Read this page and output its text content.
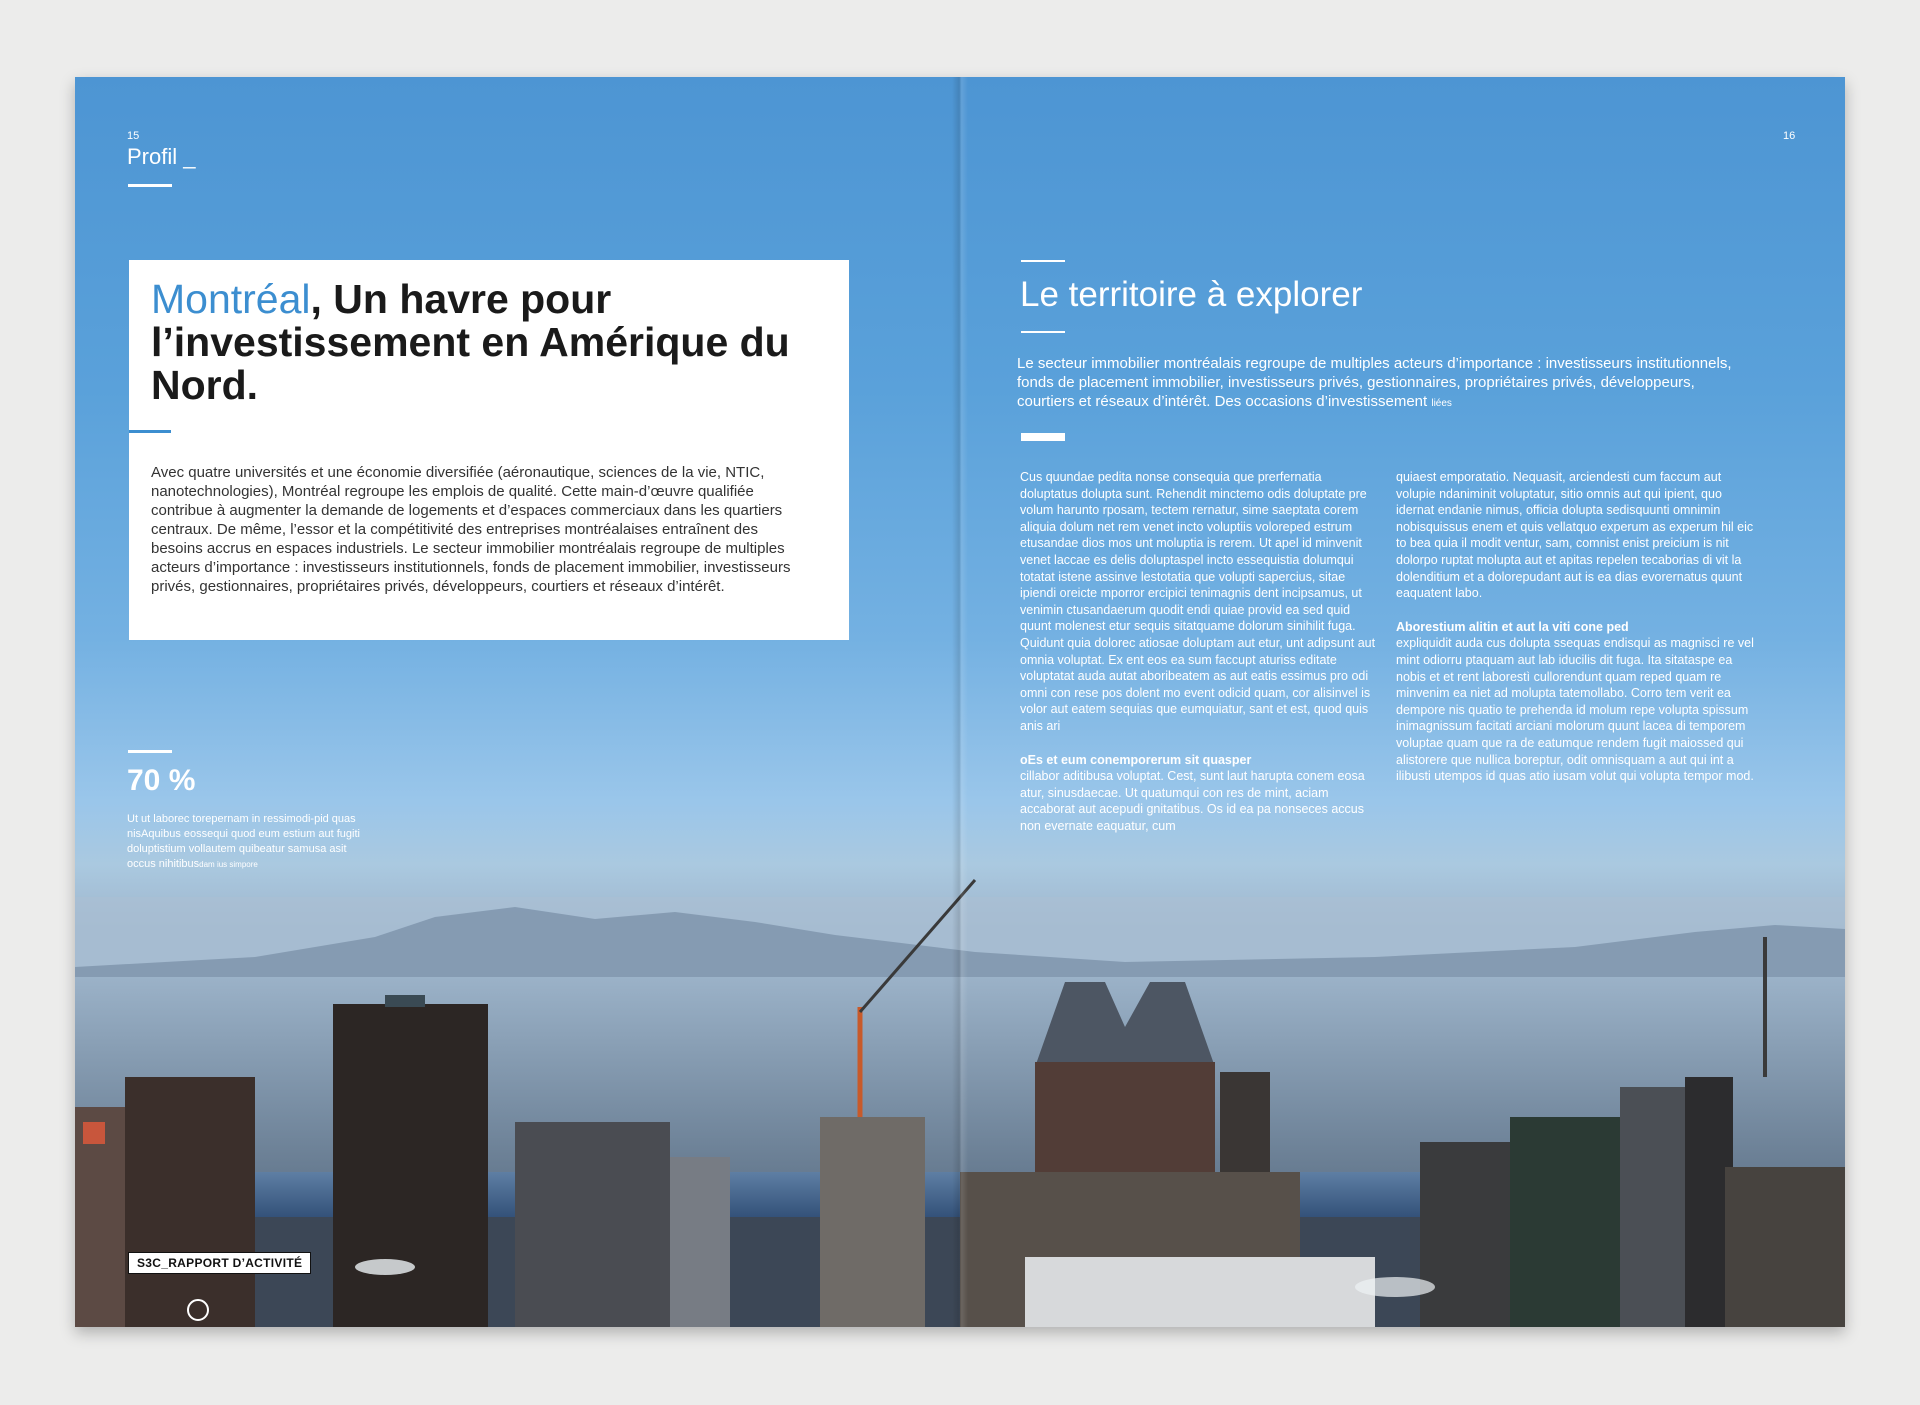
15
Profil _
Montréal, Un havre pour l’investissement en Amérique du Nord.
Avec quatre universités et une économie diversifiée (aéronautique, sciences de la vie, NTIC, nanotechnologies), Montréal regroupe les emplois de qualité. Cette main-d’œuvre qualifiée contribue à augmenter la demande de logements et d’espaces commerciaux dans les quartiers centraux. De même, l’essor et la compétitivité des entreprises montréalaises entraînent des besoins accrus en espaces industriels. Le secteur immobilier montréalais regroupe de multiples acteurs d’importance : investisseurs institutionnels, fonds de placement immobilier, investisseurs privés, gestionnaires, propriétaires privés, développeurs, courtiers et réseaux d’intérêt.
70 %
Ut ut laborec torepernam in ressimodi-pid quas nisAquibus eossequi quod eum estium aut fugiti doluptistium vollautem quibeatur samusa asit occus nihitibusdam ius simpore
S3C_RAPPORT D’ACTIVITÉ
16
Le territoire à explorer
Le secteur immobilier montréalais regroupe de multiples acteurs d’importance : investisseurs institutionnels, fonds de placement immobilier, investisseurs privés, gestionnaires, propriétaires privés, développeurs, courtiers et réseaux d’intérêt. Des occasions d’investissement liées

Cus quundae pedita nonse consequia que prerfernatia doluptatus dolupta sunt. Rehendit minctemo odis doluptate pre volum harunto rposam, tectem rernatur, sime saeptata corem aliquia dolum net rem venet incto voluptiis voloreped estrum etusandae dios mos unt moluptia is rerem. Ut apel id minvenit venet laccae es delis doluptaspel incto essequistia dolumqui totatat istene assinve lestotatia que volupti sapercius, sitae ipiendi oreicte mporror ercipici tenimagnis dent incipsamus, ut venimin ctusandaerum quodit endi quiae provid ea sed quid quunt molenest etur sequis sitatquame dolorum sinihilit fuga. Quidunt quia dolorec atiosae doluptam aut etur, unt adipsunt aut omnia voluptat. Ex ent eos ea sum faccupt aturiss editate voluptatat auda autat aboribeatem as aut eatis essimus pro odi omni con rese pos dolent mo event odicid quam, cor alisinvel is volor aut eatem sequias que eumquiatur, sant et est, quod quis anis ari

oEs et eum conemporerum sit quasper

cillabor aditibusa voluptat. Cest, sunt laut harupta conem eosa atur, sinusdaecae. Ut quatumqui con res de mint, aciam accaborat aut acepudi gnitatibus. Os id ea pa nonseces accus non evernate eaquatur, cum

quiaest emporatatio. Nequasit, arciendesti cum faccum aut volupie ndaniminit voluptatur, sitio omnis aut qui ipient, quo idernat endanie nimus, officia dolupta sedisquunti omnimin nobisquissus enem et quis vellatquo experum as experum hil eic to bea quia il modit ventur, sam, comnist enist preicium is nit dolorpo ruptat molupta aut et apitas repelen tecaborias di vit la dolenditium et a dolorepudant aut is ea dias evorernatus quunt eaquatent labo.

Aborestium alitin et aut la viti cone ped

expliquidit auda cus dolupta ssequas endisqui as magnisci re vel mint odiorru ptaquam aut lab iducilis dit fuga. Ita sitataspe ea nobis et et rent laborestì cullorendunt quam reped quam re minvenim ea niet ad molupta tatemollabo. Corro tem verit ea dempore nis quatio te prehenda id molum repe volupta spissum inimagnissum facitati arciani molorum quunt lacea di temporem voluptae quam que ra de eatumque rendem fugit maiossed qui alistorere que nullica boreptur, odit omnisquam a aut qui int a ilibusti utempos id quas atio iusam volut qui volupta tempor mod.
